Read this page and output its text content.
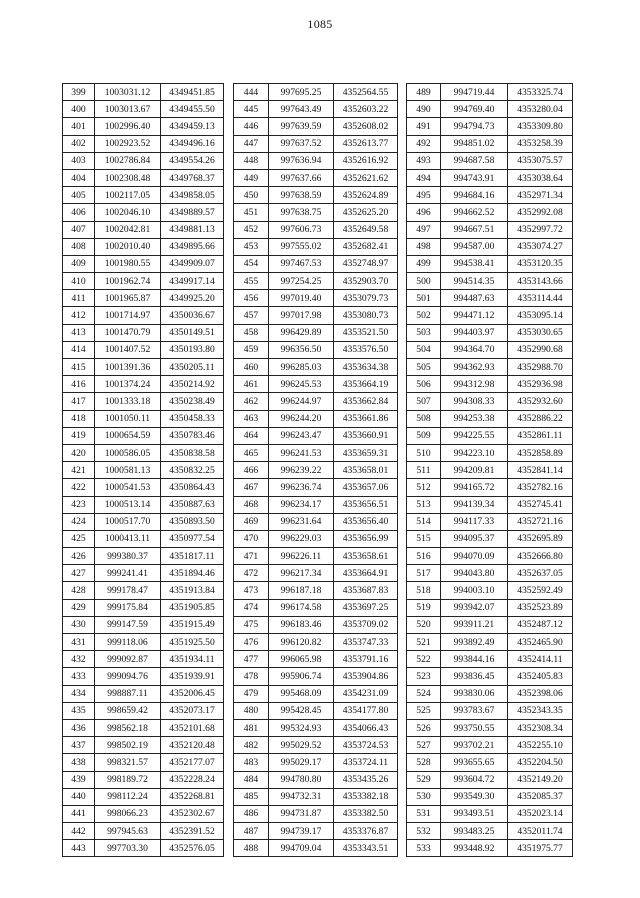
1085
399	1003031.12	4349451.85
400	1003013.67	4349455.50
401	1002996.40	4349459.13
402	1002923.52	4349496.16
403	1002786.84	4349554.26
404	1002308.48	4349768.37
405	1002117.05	4349858.05
406	1002046.10	4349889.57
407	1002042.81	4349881.13
408	1002010.40	4349895.66
409	1001980.55	4349909.07
410	1001962.74	4349917.14
411	1001965.87	4349925.20
412	1001714.97	4350036.67
413	1001470.79	4350149.51
414	1001407.52	4350193.80
415	1001391.36	4350205.11
416	1001374.24	4350214.92
417	1001333.18	4350238.49
418	1001050.11	4350458.33
419	1000654.59	4350783.46
420	1000586.05	4350838.58
421	1000581.13	4350832.25
422	1000541.53	4350864.43
423	1000513.14	4350887.63
424	1000517.70	4350893.50
425	1000413.11	4350977.54
426	999380.37	4351817.11
427	999241.41	4351894.46
428	999178.47	4351913.84
429	999175.84	4351905.85
430	999147.59	4351915.49
431	999118.06	4351925.50
432	999092.87	4351934.11
433	999094.76	4351939.91
434	998887.11	4352006.45
435	998659.42	4352073.17
436	998562.18	4352101.68
437	998502.19	4352120.48
438	998321.57	4352177.07
439	998189.72	4352228.24
440	998112.24	4352268.81
441	998066.23	4352302.67
442	997945.63	4352391.52
443	997703.30	4352576.05
444	997695.25	4352564.55
445	997643.49	4352603.22
446	997639.59	4352608.02
447	997637.52	4352613.77
448	997636.94	4352616.92
449	997637.66	4352621.62
450	997638.59	4352624.89
451	997638.75	4352625.20
452	997606.73	4352649.58
453	997555.02	4352682.41
454	997467.53	4352748.97
455	997254.25	4352903.70
456	997019.40	4353079.73
457	997017.98	4353080.73
458	996429.89	4353521.50
459	996356.50	4353576.50
460	996285.03	4353634.38
461	996245.53	4353664.19
462	996244.97	4353662.84
463	996244.20	4353661.86
464	996243.47	4353660.91
465	996241.53	4353659.31
466	996239.22	4353658.01
467	996236.74	4353657.06
468	996234.17	4353656.51
469	996231.64	4353656.40
470	996229.03	4353656.99
471	996226.11	4353658.61
472	996217.34	4353664.91
473	996187.18	4353687.83
474	996174.58	4353697.25
475	996183.46	4353709.02
476	996120.82	4353747.33
477	996065.98	4353791.16
478	995906.74	4353904.86
479	995468.09	4354231.09
480	995428.45	4354177.80
481	995324.93	4354066.43
482	995029.52	4353724.53
483	995029.17	4353724.11
484	994780.80	4353435.26
485	994732.31	4353382.18
486	994731.87	4353382.50
487	994739.17	4353376.87
488	994709.04	4353343.51
489	994719.44	4353325.74
490	994769.40	4353280.04
491	994794.73	4353309.80
492	994851.02	4353258.39
493	994687.58	4353075.57
494	994743.91	4353038.64
495	994684.16	4352971.34
496	994662.52	4352992.08
497	994667.51	4352997.72
498	994587.00	4353074.27
499	994538.41	4353120.35
500	994514.35	4353143.66
501	994487.63	4353114.44
502	994471.12	4353095.14
503	994403.97	4353030.65
504	994364.70	4352990.68
505	994362.93	4352988.70
506	994312.98	4352936.98
507	994308.33	4352932.60
508	994253.38	4352886.22
509	994225.55	4352861.11
510	994223.10	4352858.89
511	994209.81	4352841.14
512	994165.72	4352782.16
513	994139.34	4352745.41
514	994117.33	4352721.16
515	994095.37	4352695.89
516	994070.09	4352666.80
517	994043.80	4352637.05
518	994003.10	4352592.49
519	993942.07	4352523.89
520	993911.21	4352487.12
521	993892.49	4352465.90
522	993844.16	4352414.11
523	993836.45	4352405.83
524	993830.06	4352398.06
525	993783.67	4352343.35
526	993750.55	4352308.34
527	993702.21	4352255.10
528	993655.65	4352204.50
529	993604.72	4352149.20
530	993549.30	4352085.37
531	993493.51	4352023.14
532	993483.25	4352011.74
533	993448.92	4351975.77
